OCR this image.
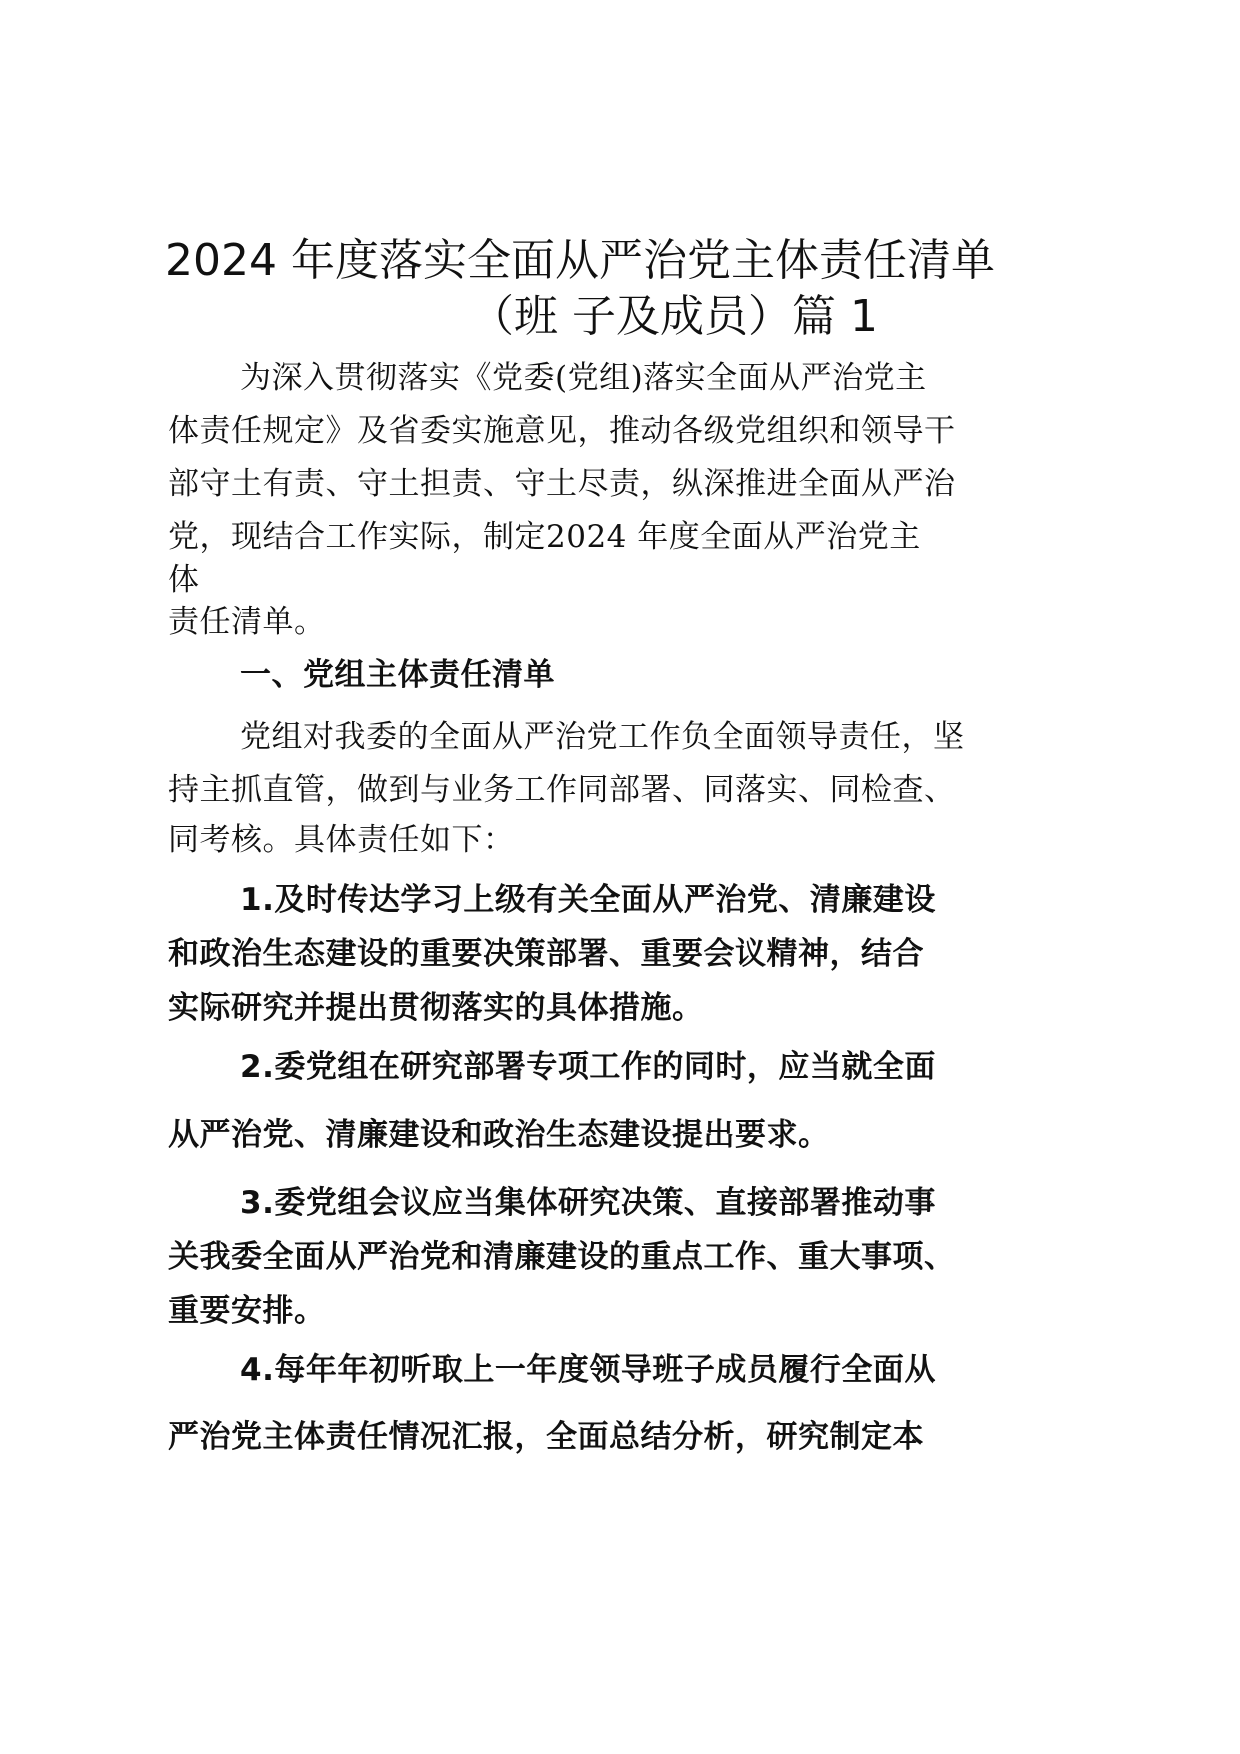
2024 年度落实全面从严治党主体责任清单
（班 子及成员）篇 1
为深入贯彻落实《党委(党组)落实全面从严治党主
体责任规定》及省委实施意见，推动各级党组织和领导干
部守土有责、守土担责、守土尽责，纵深推进全面从严治
党，现结合工作实际，制定2024 年度全面从严治党主
体
责任清单。
一、党组主体责任清单
党组对我委的全面从严治党工作负全面领导责任，坚
持主抓直管，做到与业务工作同部署、同落实、同检查、
同考核。具体责任如下：
1.及时传达学习上级有关全面从严治党、清廉建设
和政治生态建设的重要决策部署、重要会议精神，结合
实际研究并提出贯彻落实的具体措施。
2.委党组在研究部署专项工作的同时，应当就全面
从严治党、清廉建设和政治生态建设提出要求。
3.委党组会议应当集体研究决策、直接部署推动事
关我委全面从严治党和清廉建设的重点工作、重大事项、
重要安排。
4.每年年初听取上一年度领导班子成员履行全面从
严治党主体责任情况汇报，全面总结分析，研究制定本
